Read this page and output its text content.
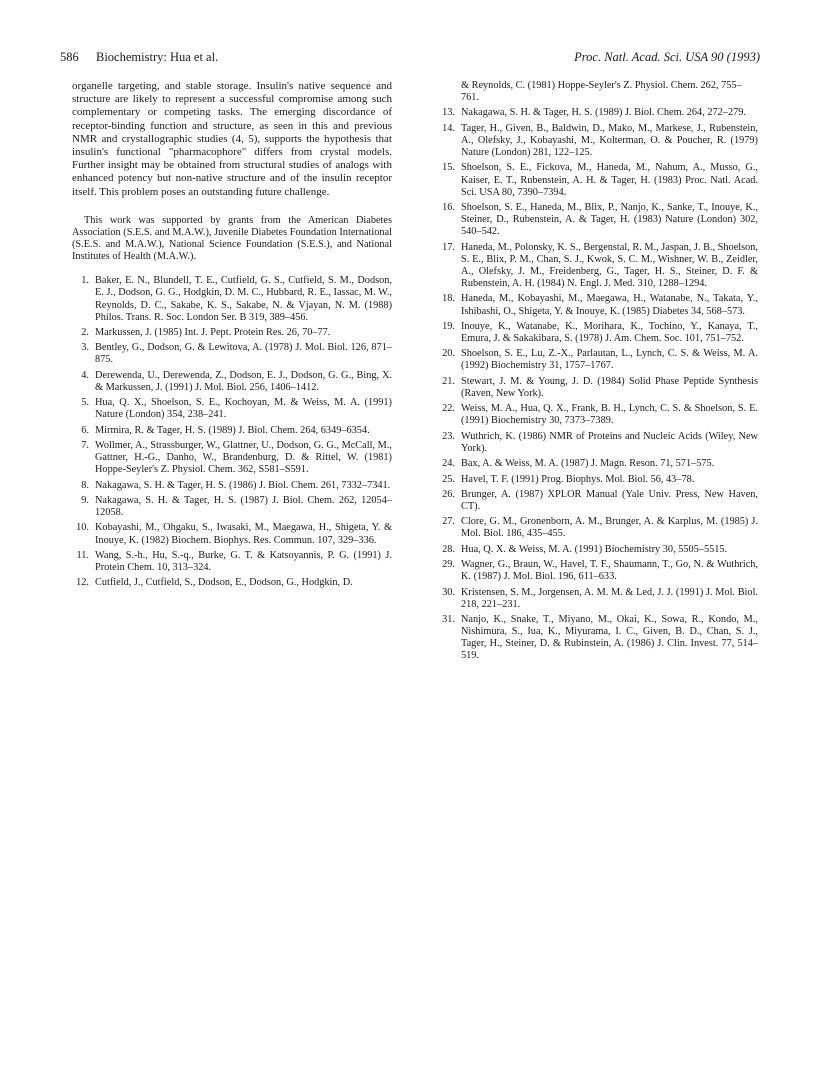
586 Biochemistry: Hua et al.	Proc. Natl. Acad. Sci. USA 90 (1993)

organelle targeting, and stable storage. Insulin's native sequence and structure are likely to represent a successful compromise among such complementary or competing tasks. The emerging discordance of receptor-binding function and structure, as seen in this and previous NMR and crystallographic studies (4, 5), supports the hypothesis that insulin's functional "pharmacophore" differs from crystal models. Further insight may be obtained from structural studies of analogs with enhanced potency but non-native structure and of the insulin receptor itself. This problem poses an outstanding future challenge.

This work was supported by grants from the American Diabetes Association (S.E.S. and M.A.W.), Juvenile Diabetes Foundation International (S.E.S. and M.A.W.), National Science Foundation (S.E.S.), and National Institutes of Health (M.A.W.).

1. Baker, E. N., Blundell, T. E., Cutfield, G. S., Cutfield, S. M., Dodson, E. J., Dodson, G. G., Hodgkin, D. M. C., Hubbard, R. E., Iassac, M. W., Reynolds, D. C., Sakabe, K. S., Sakabe, N. & Vjayan, N. M. (1988) Philos. Trans. R. Soc. London Ser. B 319, 389–456.
2. Markussen, J. (1985) Int. J. Pept. Protein Res. 26, 70–77.
3. Bentley, G., Dodson, G. & Lewitova, A. (1978) J. Mol. Biol. 126, 871–875.
4. Derewenda, U., Derewenda, Z., Dodson, E. J., Dodson, G. G., Bing, X. & Markussen, J. (1991) J. Mol. Biol. 256, 1406–1412.
5. Hua, Q. X., Shoelson, S. E., Kochoyan, M. & Weiss, M. A. (1991) Nature (London) 354, 238–241.
6. Mirmira, R. & Tager, H. S. (1989) J. Biol. Chem. 264, 6349–6354.
7. Wollmer, A., Strassburger, W., Glattner, U., Dodson, G. G., McCall, M., Gattner, H.-G., Danho, W., Brandenburg, D. & Rittel, W. (1981) Hoppe-Seyler's Z. Physiol. Chem. 362, S581–S591.
8. Nakagawa, S. H. & Tager, H. S. (1986) J. Biol. Chem. 261, 7332–7341.
9. Nakagawa, S. H. & Tager, H. S. (1987) J. Biol. Chem. 262, 12054–12058.
10. Kobayashi, M., Ohgaku, S., Iwasaki, M., Maegawa, H., Shigeta, Y. & Inouye, K. (1982) Biochem. Biophys. Res. Commun. 107, 329–336.
11. Wang, S.-h., Hu, S.-q., Burke, G. T. & Katsoyannis, P. G. (1991) J. Protein Chem. 10, 313–324.
12. Cutfield, J., Cutfield, S., Dodson, E., Dodson, G., Hodgkin, D.

& Reynolds, C. (1981) Hoppe-Seyler's Z. Physiol. Chem. 262, 755–761.

13. Nakagawa, S. H. & Tager, H. S. (1989) J. Biol. Chem. 264, 272–279.
14. Tager, H., Given, B., Baldwin, D., Mako, M., Markese, J., Rubenstein, A., Olefsky, J., Kobayashi, M., Kolterman, O. & Poucher, R. (1979) Nature (London) 281, 122–125.
15. Shoelson, S. E., Fickova, M., Haneda, M., Nahum, A., Musso, G., Kaiser, E. T., Rubenstein, A. H. & Tager, H. (1983) Proc. Natl. Acad. Sci. USA 80, 7390–7394.
16. Shoelson, S. E., Haneda, M., Blix, P., Nanjo, K., Sanke, T., Inouye, K., Steiner, D., Rubenstein, A. & Tager, H. (1983) Nature (London) 302, 540–542.
17. Haneda, M., Polonsky, K. S., Bergenstal, R. M., Jaspan, J. B., Shoelson, S. E., Blix, P. M., Chan, S. J., Kwok, S. C. M., Wishner, W. B., Zeidler, A., Olefsky, J. M., Freidenberg, G., Tager, H. S., Steiner, D. F. & Rubenstein, A. H. (1984) N. Engl. J. Med. 310, 1288–1294.
18. Haneda, M., Kobayashi, M., Maegawa, H., Watanabe, N., Takata, Y., Ishibashi, O., Shigeta, Y. & Inouye, K. (1985) Diabetes 34, 568–573.
19. Inouye, K., Watanabe, K., Morihara, K., Tochino, Y., Kanaya, T., Emura, J. & Sakakibara, S. (1978) J. Am. Chem. Soc. 101, 751–752.
20. Shoelson, S. E., Lu, Z.-X., Parlautan, L., Lynch, C. S. & Weiss, M. A. (1992) Biochemistry 31, 1757–1767.
21. Stewart, J. M. & Young, J. D. (1984) Solid Phase Peptide Synthesis (Raven, New York).
22. Weiss, M. A., Hua, Q. X., Frank, B. H., Lynch, C. S. & Shoelson, S. E. (1991) Biochemistry 30, 7373–7389.
23. Wuthrich, K. (1986) NMR of Proteins and Nucleic Acids (Wiley, New York).
24. Bax, A. & Weiss, M. A. (1987) J. Magn. Reson. 71, 571–575.
25. Havel, T. F. (1991) Prog. Biophys. Mol. Biol. 56, 43–78.
26. Brunger, A. (1987) XPLOR Manual (Yale Univ. Press, New Haven, CT).
27. Clore, G. M., Gronenborn, A. M., Brunger, A. & Karplus, M. (1985) J. Mol. Biol. 186, 435–455.
28. Hua, Q. X. & Weiss, M. A. (1991) Biochemistry 30, 5505–5515.
29. Wagner, G., Braun, W., Havel, T. F., Shaumann, T., Go, N. & Wuthrich, K. (1987) J. Mol. Biol. 196, 611–633.
30. Kristensen, S. M., Jorgensen, A. M. M. & Led, J. J. (1991) J. Mol. Biol. 218, 221–231.
31. Nanjo, K., Snake, T., Miyano, M., Okai, K., Sowa, R., Kondo, M., Nishimura, S., Iua, K., Miyurama, I. C., Given, B. D., Chan, S. J., Tager, H., Steiner, D. & Rubinstein, A. (1986) J. Clin. Invest. 77, 514–519.
